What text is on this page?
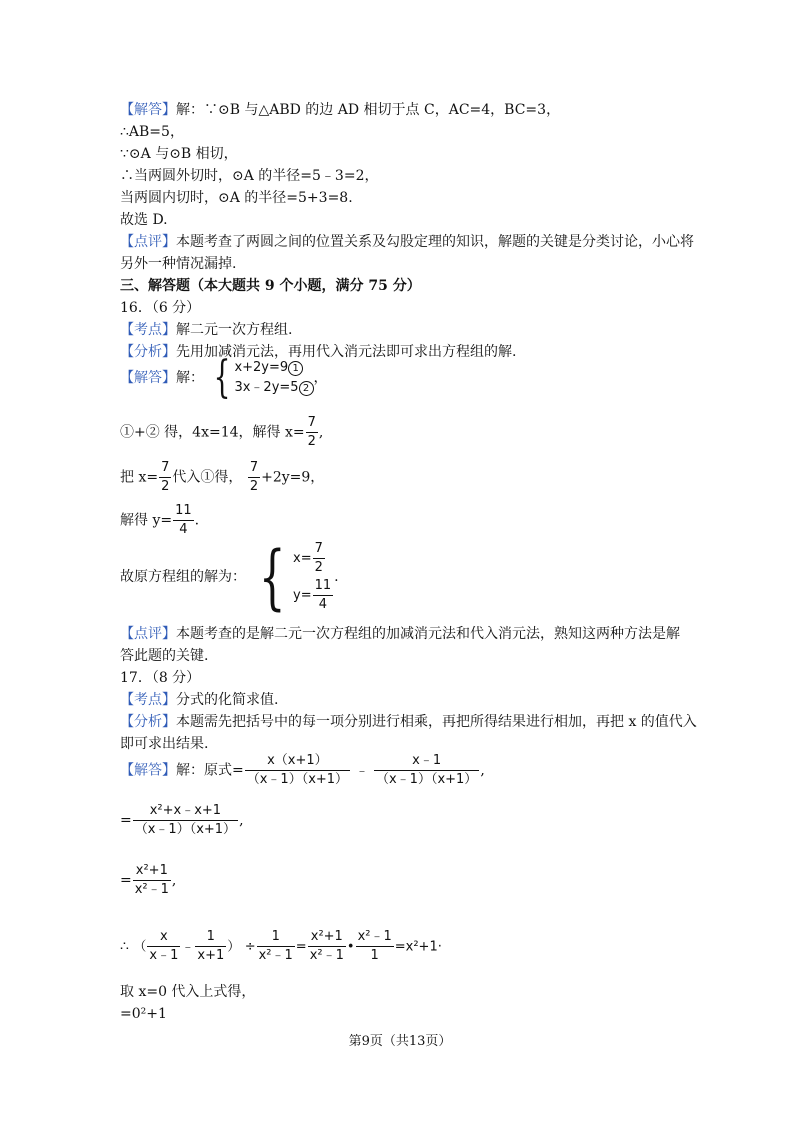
【解答】解：∵⊙B 与△ABD 的边 AD 相切于点 C，AC=4，BC=3，
∴AB=5，
∵⊙A 与⊙B 相切，
∴当两圆外切时，⊙A 的半径=5﹣3=2，
当两圆内切时，⊙A 的半径=5+3=8.
故选 D.
【点评】本题考查了两圆之间的位置关系及勾股定理的知识，解题的关键是分类讨论，小心将
另外一种情况漏掉.
三、解答题（本大题共 9 个小题，满分 75 分）
16．（6 分）
【考点】解二元一次方程组.
【分析】先用加减消元法，再用代入消元法即可求出方程组的解.
【解答】解： { x+2y=9 1
3x﹣2y=5 2
，
①+② 得，4x=14，解得 $x= \frac{7}{2}$ ,
把 $x= \frac{7}{2}$ 代入①得， $\frac{7}{2} +2y=9$，
解得 $y= \frac{11}{4}$ .
故原方程组的解为： { $x= \frac{7}{2}$
$y= \frac{11}{4}$ .
【点评】本题考查的是解二元一次方程组的加减消元法和代入消元法，熟知这两种方法是解
答此题的关键.
17．（8 分）
【考点】分式的化简求值.
【分析】本题需先把括号中的每一项分别进行相乘，再把所得结果进行相加，再把 x 的值代入
即可求出结果.
【解答】解：原式= $\frac{x(x+1)}{(x﹣1)(x+1)}$ ﹣ $\frac{x﹣1}{(x﹣1)(x+1)}$ ,
= $\frac{\text{x²+x﹣x+1}}{(x﹣1)(x+1)}$ ,
= $\frac{\text{x²+1}}{\text{x²﹣1}}$ ,
∴ （ $\frac{x}{x﹣1}$ ﹣ $\frac{1}{x+1}$ ） ÷ $\frac{1}{\text{x²﹣1}} = \frac{\text{x²+1}}{\text{x²﹣1}}$ • $\frac{\text{x²﹣1}}{1} =x^2+1\cdot$
取 x=0 代入上式得，
=0²+1
第9页（共13页）
